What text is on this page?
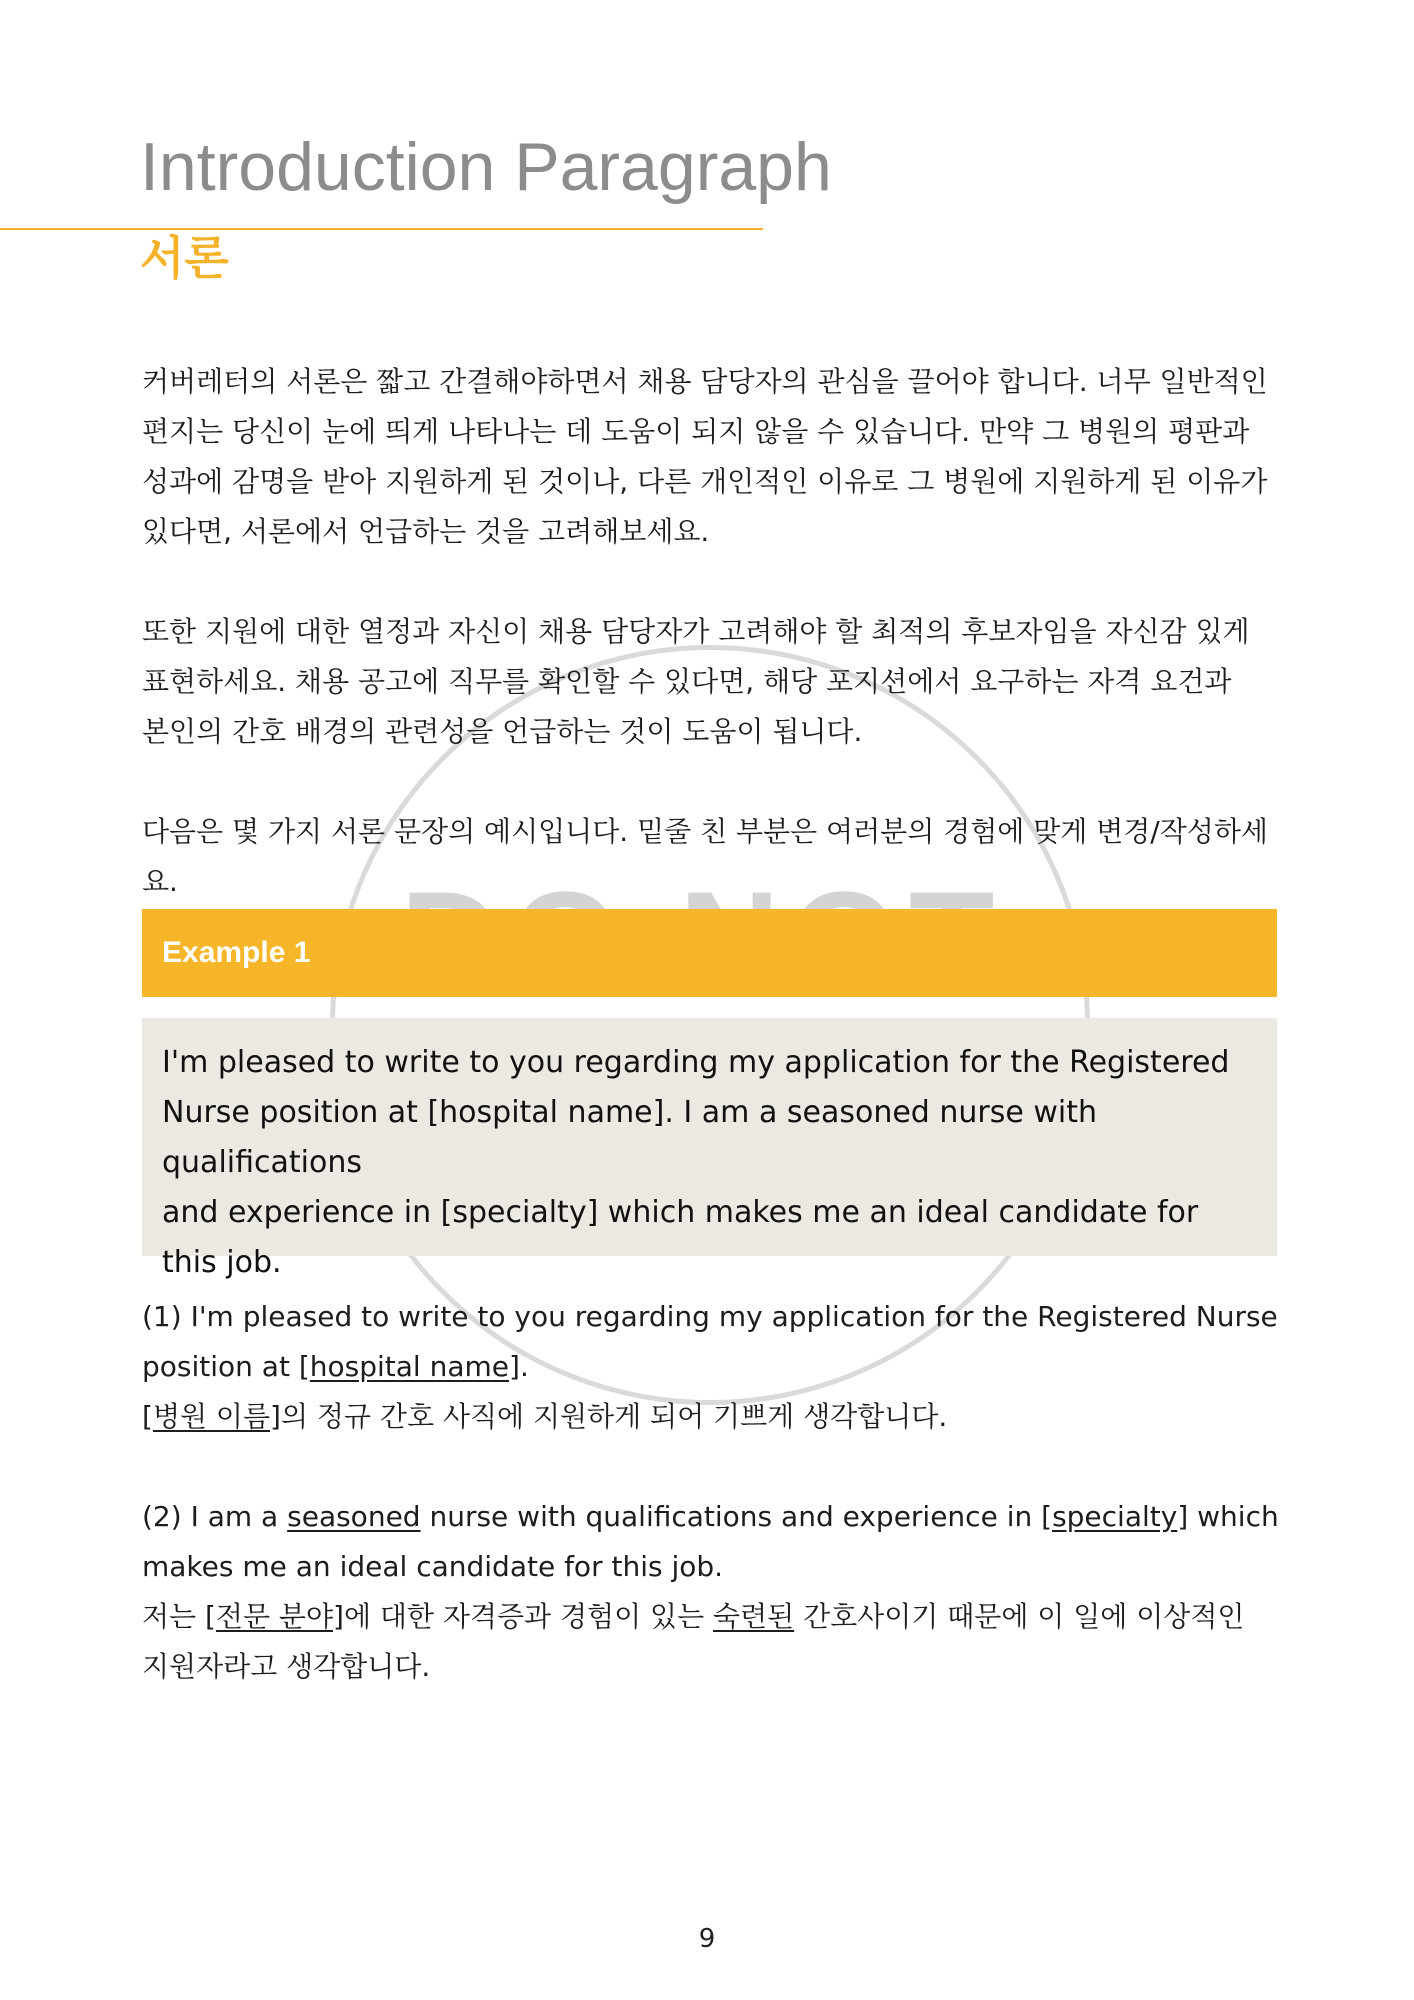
Introduction Paragraph
서론

커버레터의 서론은 짧고 간결해야하면서 채용 담당자의 관심을 끌어야 합니다. 너무 일반적인
편지는 당신이 눈에 띄게 나타나는 데 도움이 되지 않을 수 있습니다. 만약 그 병원의 평판과
성과에 감명을 받아 지원하게 된 것이나, 다른 개인적인 이유로 그 병원에 지원하게 된 이유가
있다면, 서론에서 언급하는 것을 고려해보세요.

또한 지원에 대한 열정과 자신이 채용 담당자가 고려해야 할 최적의 후보자임을 자신감 있게
표현하세요. 채용 공고에 직무를 확인할 수 있다면, 해당 포지션에서 요구하는 자격 요건과
본인의 간호 배경의 관련성을 언급하는 것이 도움이 됩니다.

다음은 몇 가지 서론 문장의 예시입니다. 밑줄 친 부분은 여러분의 경험에 맞게 변경/작성하세요.

Example 1

I'm pleased to write to you regarding my application for the Registered
Nurse position at [hospital name]. I am a seasoned nurse with qualifications
and experience in [specialty] which makes me an ideal candidate for
this job.

(1) I'm pleased to write to you regarding my application for the Registered Nurse
position at [hospital name].
[병원 이름]의 정규 간호 사직에 지원하게 되어 기쁘게 생각합니다.

(2) I am a seasoned nurse with qualifications and experience in [specialty] which
makes me an ideal candidate for this job.
저는 [전문 분야]에 대한 자격증과 경험이 있는 숙련된 간호사이기 때문에 이 일에 이상적인
지원자라고 생각합니다.

9
